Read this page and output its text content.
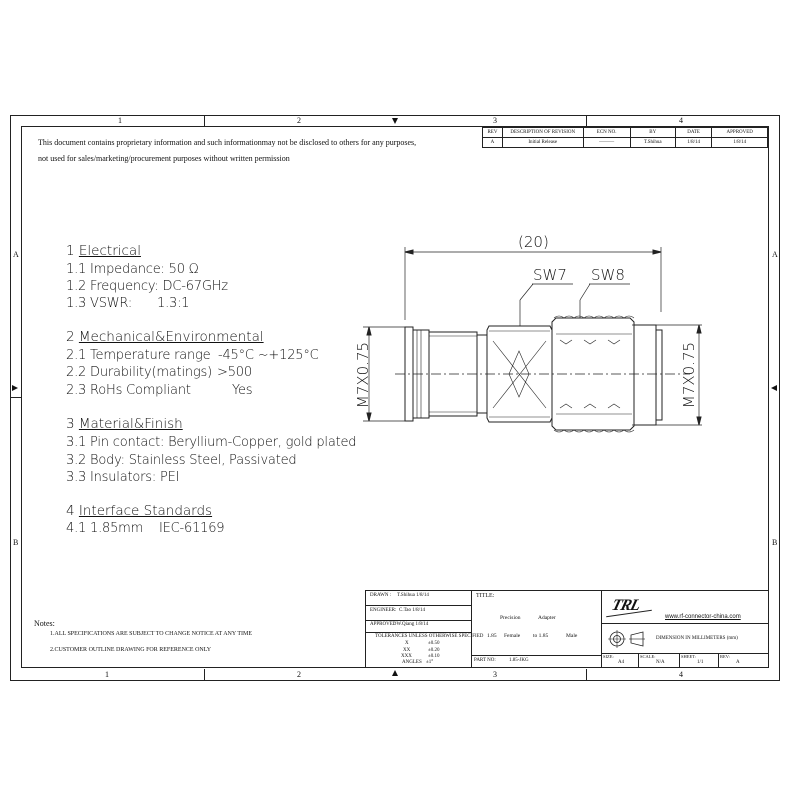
1	2	3	4
1	2	3	4
A
B
A
B
This document contains proprietary information and such informationmay not be disclosed to others for any purposes,
not used for sales/marketing/procurement purposes without written permission
REV	DESCRIPTION OF REVISION	ECN NO.	BY	DATE	APPROVED
A	Initial Release	———	T.Shihua	1/8/14	1/8/14
1 Electrical
1.1 Impedance: 50 Ω
1.2 Frequency: DC-67GHz
1.3 VSWR: 1.3:1
2 Mechanical&Environmental
2.1 Temperature range -45°C ~+125°C
2.2 Durability(matings) >500
2.3 RoHs Compliant	Yes
3 Material&Finish
3.1 Pin contact: Beryllium-Copper, gold plated
3.2 Body: Stainless Steel, Passivated
3.3 Insulators: PEI
4 Interface Standards
4.1 1.85mm IEC-61169
(20)
SW7 SW8
M7X0.75	M7X0.75
Notes:
1.ALL SPECIFICATIONS ARE SUBJECT TO CHANGE NOTICE AT ANY TIME
2.CUSTOMER OUTLINE DRAWING FOR REFERENCE ONLY
DRAWN : T.Shihua 1/8/14
ENGINEER: C.Tao 1/8/14
APPROVED
: W.Qiang 1/8/14
TOLERANCES UNLESS OTHERWISE SPECIFIED
X	±0.50
XX	±0.20
XXX	±0.10
ANGLES ±1°
TITLE:
Precision	Adapter
1.85 Female to 1.85	Male
PART NO:	1.85-JKG
TRL
www.rf-connector-china.com
DIMENSION IN MILLIMETERS (mm)
SIZE:
A4
SCALE:
N/A
SHEET:
1/1
REV:
A
